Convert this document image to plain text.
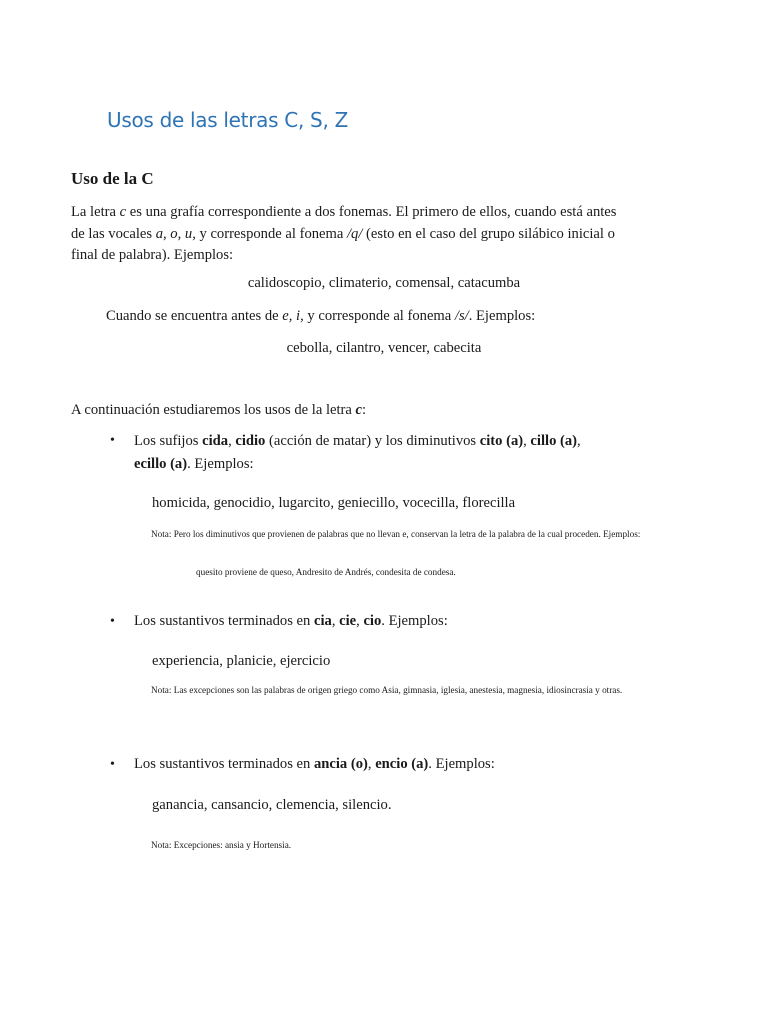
Usos de las letras C, S, Z
Uso de la C
La letra c es una grafía correspondiente a dos fonemas. El primero de ellos, cuando está antes
de las vocales a, o, u, y corresponde al fonema /q/ (esto en el caso del grupo silábico inicial o
final de palabra). Ejemplos:
calidoscopio, climaterio, comensal, catacumba
Cuando se encuentra antes de e, i, y corresponde al fonema /s/. Ejemplos:
cebolla, cilantro, vencer, cabecita
A continuación estudiaremos los usos de la letra c:
• Los sufijos cida, cidio (acción de matar) y los diminutivos cito (a), cillo (a),
ecillo (a). Ejemplos:
homicida, genocidio, lugarcito, geniecillo, vocecilla, florecilla
Nota: Pero los diminutivos que provienen de palabras que no llevan e, conservan la letra de la palabra de la cual proceden. Ejemplos:
quesito proviene de queso, Andresito de Andrés, condesita de condesa.
• Los sustantivos terminados en cia, cie, cio. Ejemplos:
experiencia, planicie, ejercicio
Nota: Las excepciones son las palabras de origen griego como Asia, gimnasia, iglesia, anestesia, magnesia, idiosincrasia y otras.
• Los sustantivos terminados en ancia (o), encio (a). Ejemplos:
ganancia, cansancio, clemencia, silencio.
Nota: Excepciones: ansia y Hortensia.
